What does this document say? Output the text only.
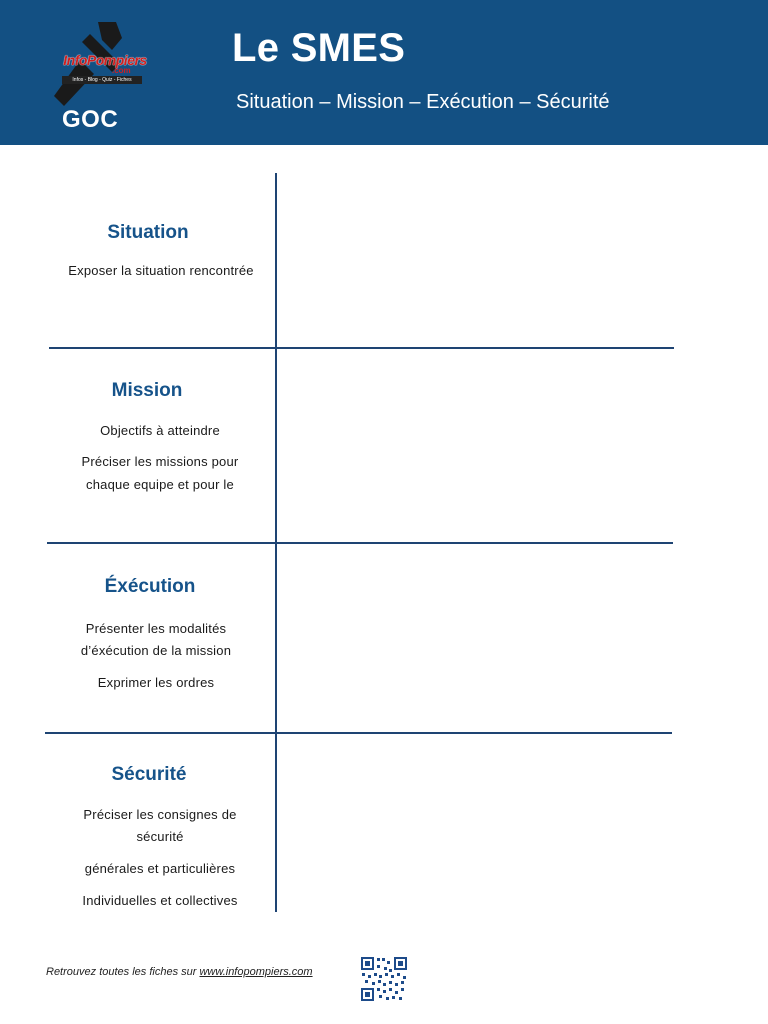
InfoPompiers
.com
Infos - Blog - Quiz - Fiches
GOC
Le SMES
Situation – Mission – Exécution – Sécurité
Situation
Exposer la situation rencontrée
Mission
Objectifs à atteindre
Préciser les missions pour
chaque equipe et pour le
Éxécution
Présenter les modalités
d’éxécution de la mission
Exprimer les ordres
Sécurité
Préciser les consignes de
sécurité
générales et particulières
Individuelles et collectives
Retrouvez toutes les fiches sur www.infopompiers.com
